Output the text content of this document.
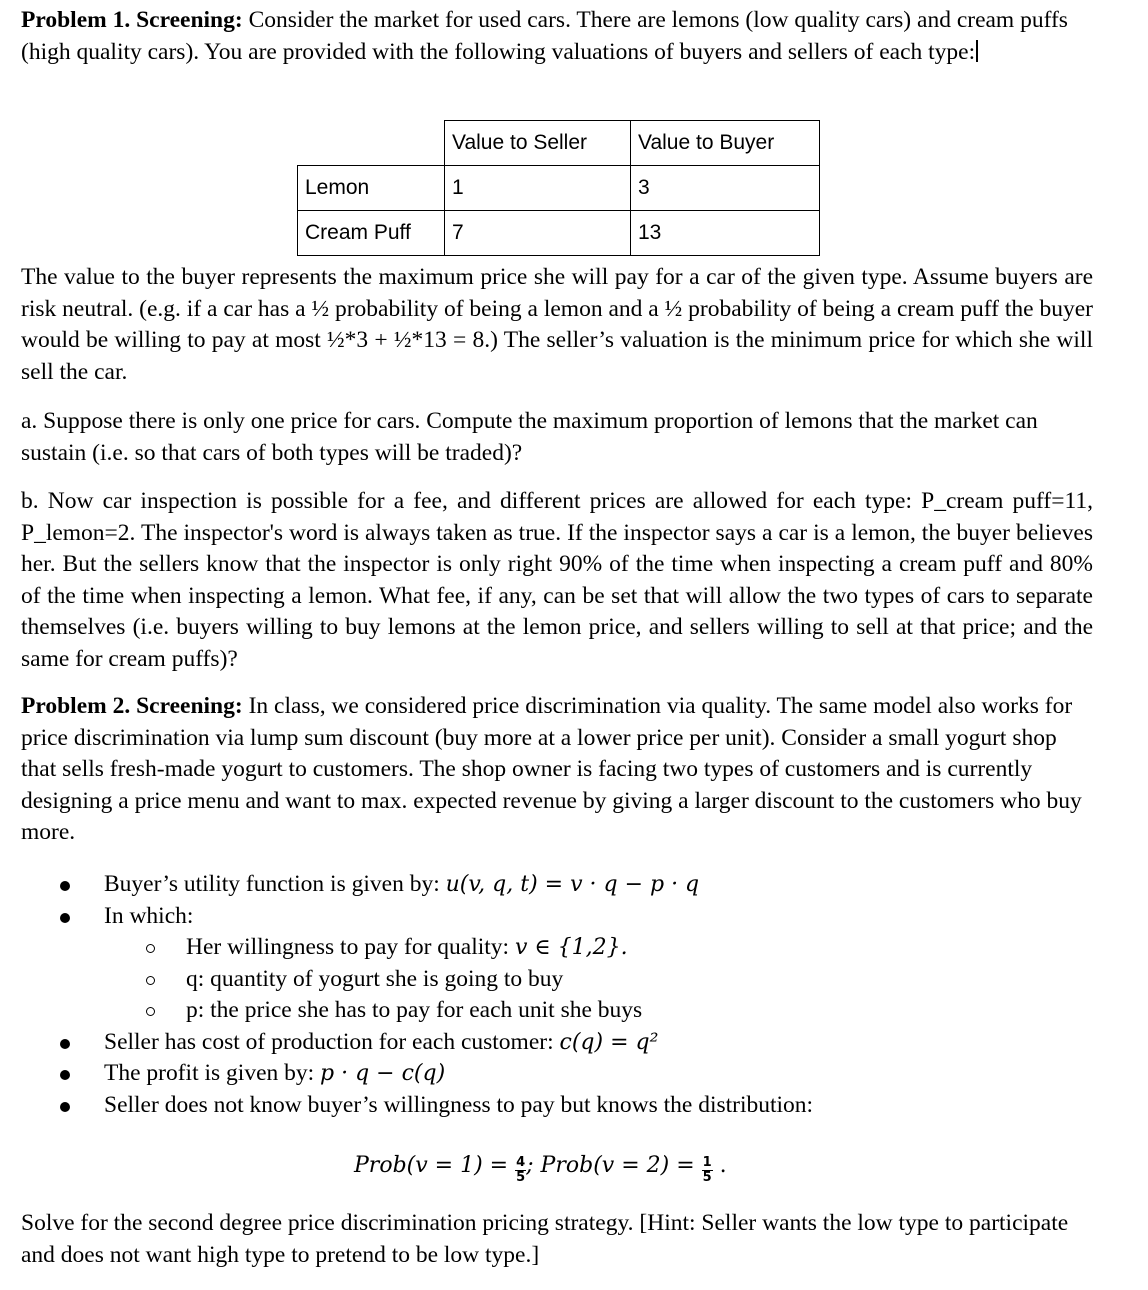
Problem 1. Screening: Consider the market for used cars. There are lemons (low quality cars) and cream puffs (high quality cars). You are provided with the following valuations of buyers and sellers of each type:
	Value to Seller	Value to Buyer
Lemon	1	3
Cream Puff	7	13
The value to the buyer represents the maximum price she will pay for a car of the given type. Assume buyers are risk neutral. (e.g. if a car has a ½ probability of being a lemon and a ½ probability of being a cream puff the buyer would be willing to pay at most ½*3 + ½*13 = 8.) The seller’s valuation is the minimum price for which she will sell the car.
a. Suppose there is only one price for cars. Compute the maximum proportion of lemons that the market can sustain (i.e. so that cars of both types will be traded)?
b. Now car inspection is possible for a fee, and different prices are allowed for each type: P_cream puff=11, P_lemon=2. The inspector's word is always taken as true. If the inspector says a car is a lemon, the buyer believes her. But the sellers know that the inspector is only right 90% of the time when inspecting a cream puff and 80% of the time when inspecting a lemon. What fee, if any, can be set that will allow the two types of cars to separate themselves (i.e. buyers willing to buy lemons at the lemon price, and sellers willing to sell at that price; and the same for cream puffs)?
Problem 2. Screening: In class, we considered price discrimination via quality. The same model also works for price discrimination via lump sum discount (buy more at a lower price per unit). Consider a small yogurt shop that sells fresh-made yogurt to customers. The shop owner is facing two types of customers and is currently designing a price menu and want to max. expected revenue by giving a larger discount to the customers who buy more.
Buyer’s utility function is given by: u(v, q, t) = v · q − p · q
In which:
Her willingness to pay for quality: v ∈ {1,2}.
q: quantity of yogurt she is going to buy
p: the price she has to pay for each unit she buys
Seller has cost of production for each customer: c(q) = q²
The profit is given by: p · q − c(q)
Seller does not know buyer’s willingness to pay but knows the distribution:
Prob(v = $1) = \frac{4}{5}$ ; Prob(v = $2) = \frac{1}{5}$ .
Solve for the second degree price discrimination pricing strategy. [Hint: Seller wants the low type to participate and does not want high type to pretend to be low type.]
